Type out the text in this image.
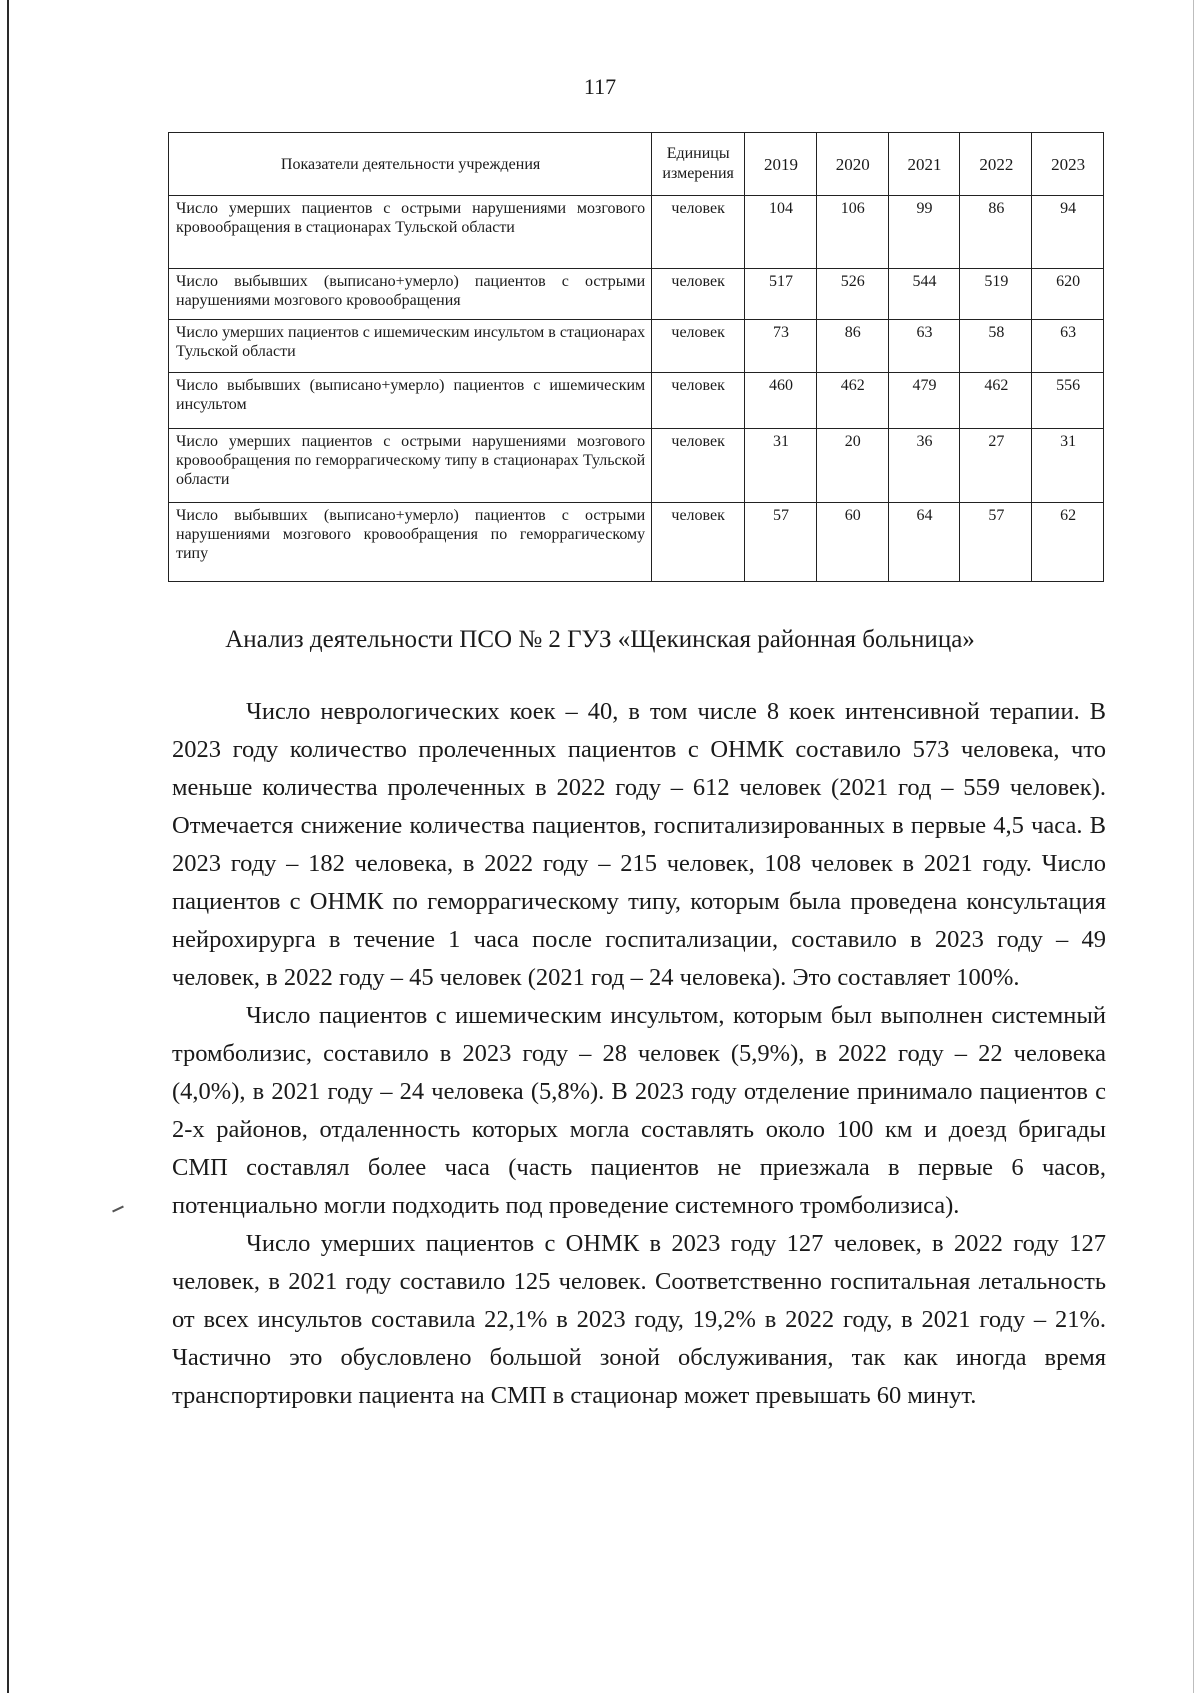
117
Показатели деятельности учреждения	Единицы измерения	2019	2020	2021	2022	2023
Число умерших пациентов с острыми нарушениями мозгового кровообращения в стационарах Тульской области	человек	104	106	99	86	94
Число выбывших (выписано+умерло) пациентов с острыми нарушениями мозгового кровообращения	человек	517	526	544	519	620
Число умерших пациентов с ишемическим инсультом в стационарах Тульской области	человек	73	86	63	58	63
Число выбывших (выписано+умерло) пациентов с ишемическим инсультом	человек	460	462	479	462	556
Число умерших пациентов с острыми нарушениями мозгового кровообращения по геморрагическому типу в стационарах Тульской области	человек	31	20	36	27	31
Число выбывших (выписано+умерло) пациентов с острыми нарушениями мозгового кровообращения по геморрагическому типу	человек	57	60	64	57	62
Анализ деятельности ПСО № 2 ГУЗ «Щекинская районная больница»

Число неврологических коек – 40, в том числе 8 коек интенсивной терапии. В 2023 году количество пролеченных пациентов с ОНМК составило 573 человека, что меньше количества пролеченных в 2022 году – 612 человек (2021 год – 559 человек). Отмечается снижение количества пациентов, госпитализированных в первые 4,5 часа. В 2023 году – 182 человека, в 2022 году – 215 человек, 108 человек в 2021 году. Число пациентов с ОНМК по геморрагическому типу, которым была проведена консультация нейрохирурга в течение 1 часа после госпитализации, составило в 2023 году – 49 человек, в 2022 году – 45 человек (2021 год – 24 человека). Это составляет 100%.

Число пациентов с ишемическим инсультом, которым был выполнен системный тромболизис, составило в 2023 году – 28 человек (5,9%), в 2022 году – 22 человека (4,0%), в 2021 году – 24 человека (5,8%). В 2023 году отделение принимало пациентов с 2-х районов, отдаленность которых могла составлять около 100 км и доезд бригады СМП составлял более часа (часть пациентов не приезжала в первые 6 часов, потенциально могли подходить под проведение системного тромболизиса).

Число умерших пациентов с ОНМК в 2023 году 127 человек, в 2022 году 127 человек, в 2021 году составило 125 человек. Соответственно госпитальная летальность от всех инсультов составила 22,1% в 2023 году, 19,2% в 2022 году, в 2021 году – 21%. Частично это обусловлено большой зоной обслуживания, так как иногда время транспортировки пациента на СМП в стационар может превышать 60 минут.
